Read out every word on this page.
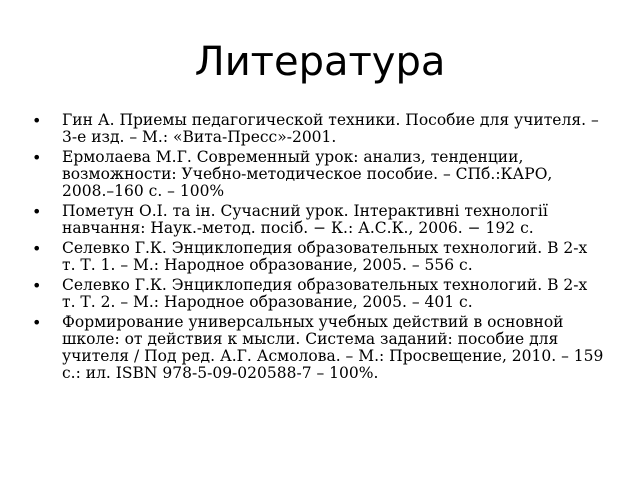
Литература
• Гин А. Приемы педагогической техники. Пособие для учителя. – 3-е изд. – М.: «Вита-Пресс»-2001.
• Ермолаева М.Г. Современный урок: анализ, тенденции, возможности: Учебно-методическое пособие. – СПб.:КАРО, 2008.–160 с. – 100%
• Пометун О.І. та ін. Сучасний урок. Інтерактивні технології навчання: Наук.-метод. посіб. − К.: А.С.К., 2006. − 192 с.
• Селевко Г.К. Энциклопедия образовательных технологий. В 2-х т. Т. 1. – М.: Народное образование, 2005. – 556 с.
• Селевко Г.К. Энциклопедия образовательных технологий. В 2-х т. Т. 2. – М.: Народное образование, 2005. – 401 с.
• Формирование универсальных учебных действий в основной школе: от действия к мысли. Система заданий: пособие для учителя / Под ред. А.Г. Асмолова. – М.: Просвещение, 2010. – 159 с.: ил. ISBN 978-5-09-020588-7 – 100%.
